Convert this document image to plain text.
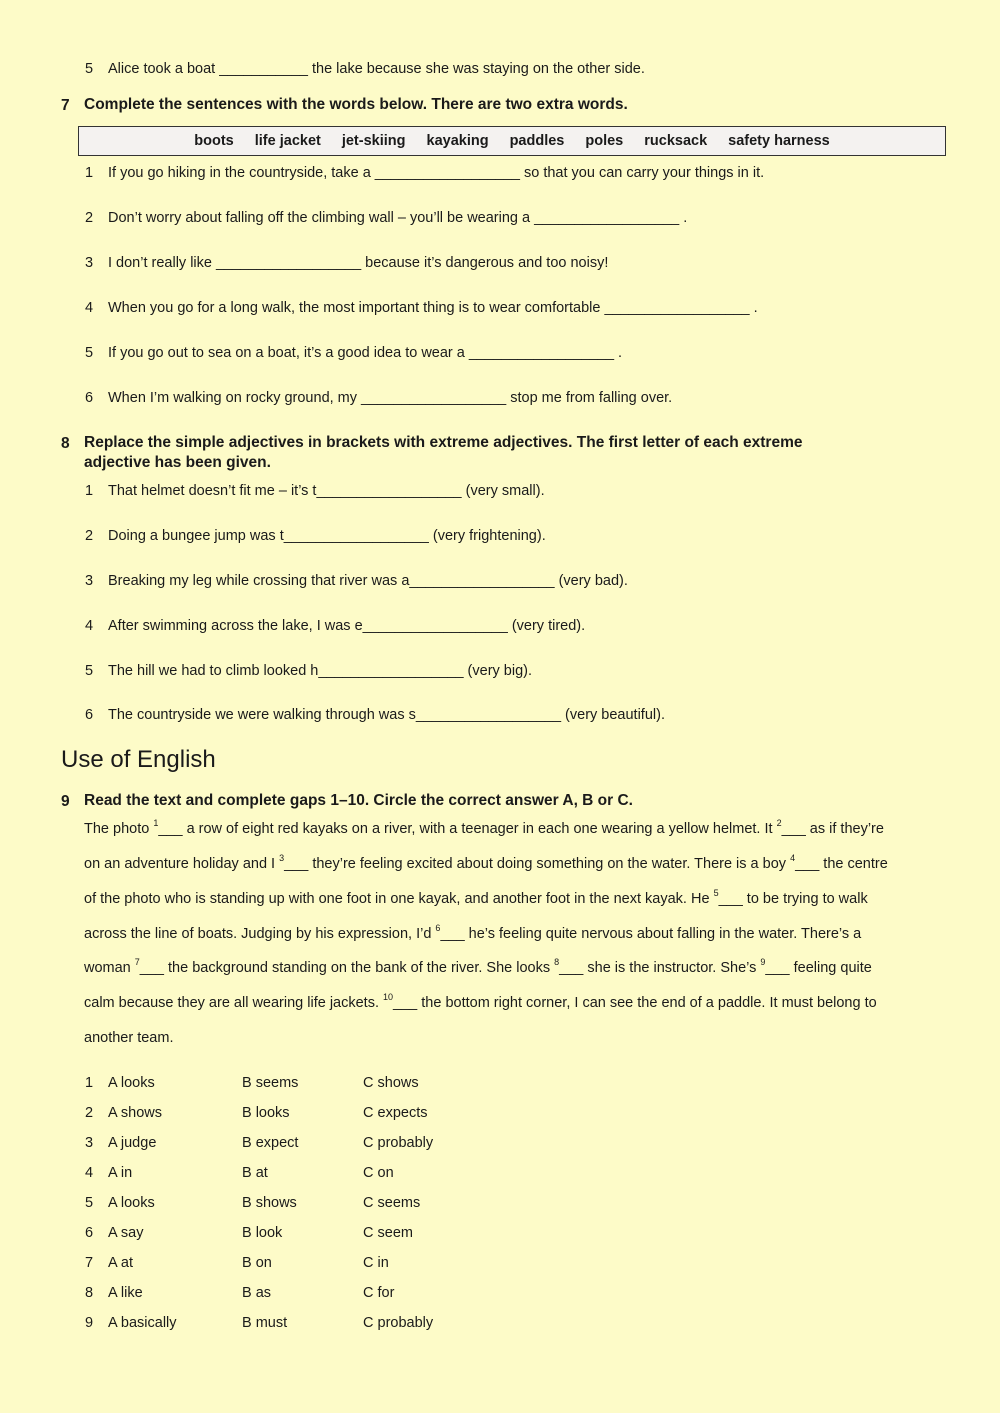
5 Alice took a boat ___________ the lake because she was staying on the other side.
7 Complete the sentences with the words below. There are two extra words.
boots life jacket jet-skiing kayaking paddles poles rucksack safety harness
1 If you go hiking in the countryside, take a __________________ so that you can carry your things in it.
2 Don’t worry about falling off the climbing wall – you’ll be wearing a __________________ .
3 I don’t really like __________________ because it’s dangerous and too noisy!
4 When you go for a long walk, the most important thing is to wear comfortable __________________ .
5 If you go out to sea on a boat, it’s a good idea to wear a __________________ .
6 When I’m walking on rocky ground, my __________________ stop me from falling over.
8 Replace the simple adjectives in brackets with extreme adjectives. The first letter of each extreme
adjective has been given.
1 That helmet doesn’t fit me – it’s t__________________ (very small).
2 Doing a bungee jump was t__________________ (very frightening).
3 Breaking my leg while crossing that river was a__________________ (very bad).
4 After swimming across the lake, I was e__________________ (very tired).
5 The hill we had to climb looked h__________________ (very big).
6 The countryside we were walking through was s__________________ (very beautiful).
Use of English
9 Read the text and complete gaps 1–10. Circle the correct answer A, B or C.
The photo $^1$___ a row of eight red kayaks on a river, with a teenager in each one wearing a yellow helmet. It $^2$___ as if they’re
on an adventure holiday and I $^3$___ they’re feeling excited about doing something on the water. There is a boy $^4$___ the centre
of the photo who is standing up with one foot in one kayak, and another foot in the next kayak. He $^5$___ to be trying to walk
across the line of boats. Judging by his expression, I’d $^6$___ he’s feeling quite nervous about falling in the water. There’s a
woman $^7$___ the background standing on the bank of the river. She looks $^8$___ she is the instructor. She’s $^9$___ feeling quite
calm because they are all wearing life jackets. $^{10}$___ the bottom right corner, I can see the end of a paddle. It must belong to
another team.
1 A looks	B seems	C shows
2 A shows	B looks	C expects
3 A judge	B expect	C probably
4 A in	B at	C on
5 A looks	B shows	C seems
6 A say	B look	C seem
7 A at	B on	C in
8 A like	B as	C for
9 A basically	B must	C probably
